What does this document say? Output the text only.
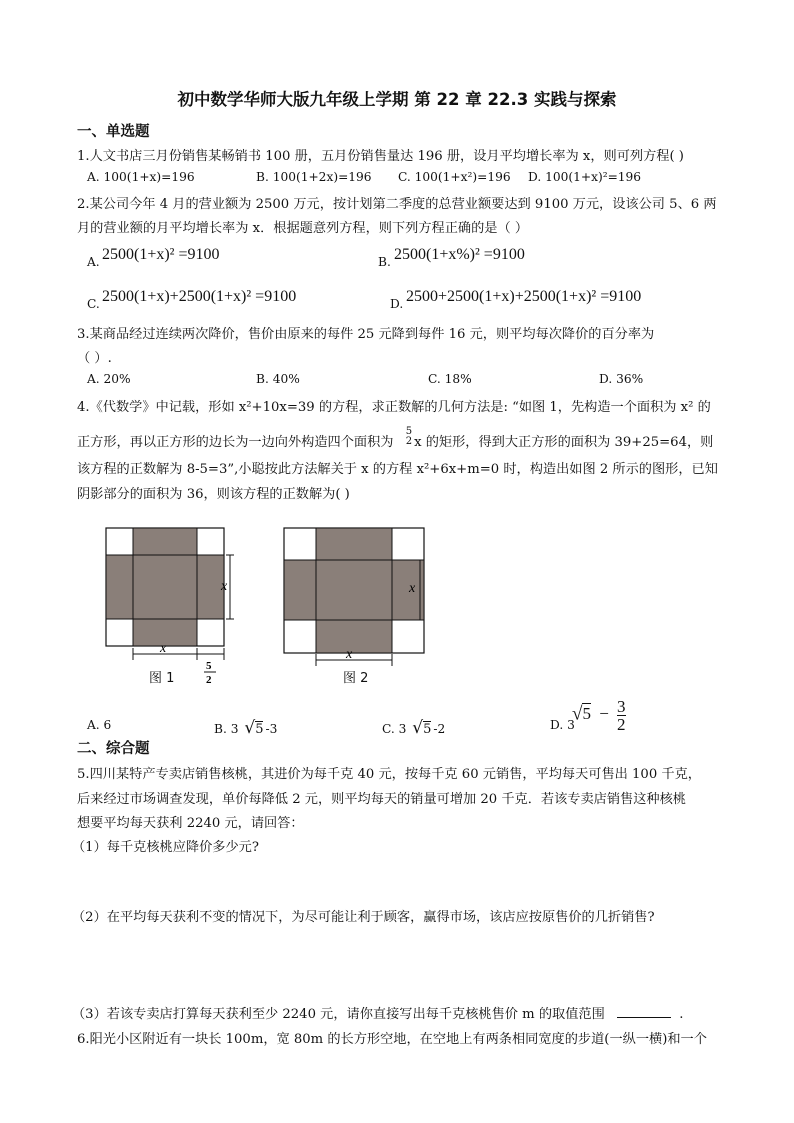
初中数学华师大版九年级上学期 第 22 章 22.3 实践与探索
一、单选题
1.人文书店三月份销售某畅销书 100 册，五月份销售量达 196 册，设月平均增长率为 x，则可列方程( )
A. 100(1+x)=196	B. 100(1+2x)=196 C. 100(1+x²)=196 D. 100(1+x)²=196
2.某公司今年 4 月的营业额为 2500 万元，按计划第二季度的总营业额要达到 9100 万元，设该公司 5、6 两
月的营业额的月平均增长率为 x．根据题意列方程，则下列方程正确的是（ ）
A. 2500(1+x)² =9100	B. 2500(1+x%)² =9100
C. 2500(1+x)+2500(1+x)² =9100	D. 2500+2500(1+x)+2500(1+x)² =9100
3.某商品经过连续两次降价，售价由原来的每件 25 元降到每件 16 元，则平均每次降价的百分率为
（ ）.
A. 20%	B. 40%	C. 18%	D. 36%
4.《代数学》中记载，形如 x²+10x=39 的方程，求正数解的几何方法是: “如图 1，先构造一个面积为 x² 的
正方形，再以正方形的边长为一边向外构造四个面积为
5
2 x 的矩形，得到大正方形的面积为 39+25=64，则
该方程的正数解为 8-5=3”,小聪按此方法解关于 x 的方程 x²+6x+m=0 时，构造出如图 2 所示的图形，已知
阴影部分的面积为 36，则该方程的正数解为( )
x
x
5
2
图 1
x
x
图 2
A. 6	B. 3 √5 -3	C. 3 √5 -2	D. 3
$√5 - \frac{3}{2}$
二、综合题
5.四川某特产专卖店销售核桃，其进价为每千克 40 元，按每千克 60 元销售，平均每天可售出 100 千克，
后来经过市场调查发现，单价每降低 2 元，则平均每天的销量可增加 20 千克．若该专卖店销售这种核桃
想要平均每天获利 2240 元，请回答：
（1）每千克核桃应降价多少元?
（2）在平均每天获利不变的情况下，为尽可能让利于顾客，赢得市场，该店应按原售价的几折销售?
（3）若该专卖店打算每天获利至少 2240 元，请你直接写出每千克核桃售价 m 的取值范围	.
6.阳光小区附近有一块长 100m，宽 80m 的长方形空地，在空地上有两条相同宽度的步道(一纵一横)和一个
